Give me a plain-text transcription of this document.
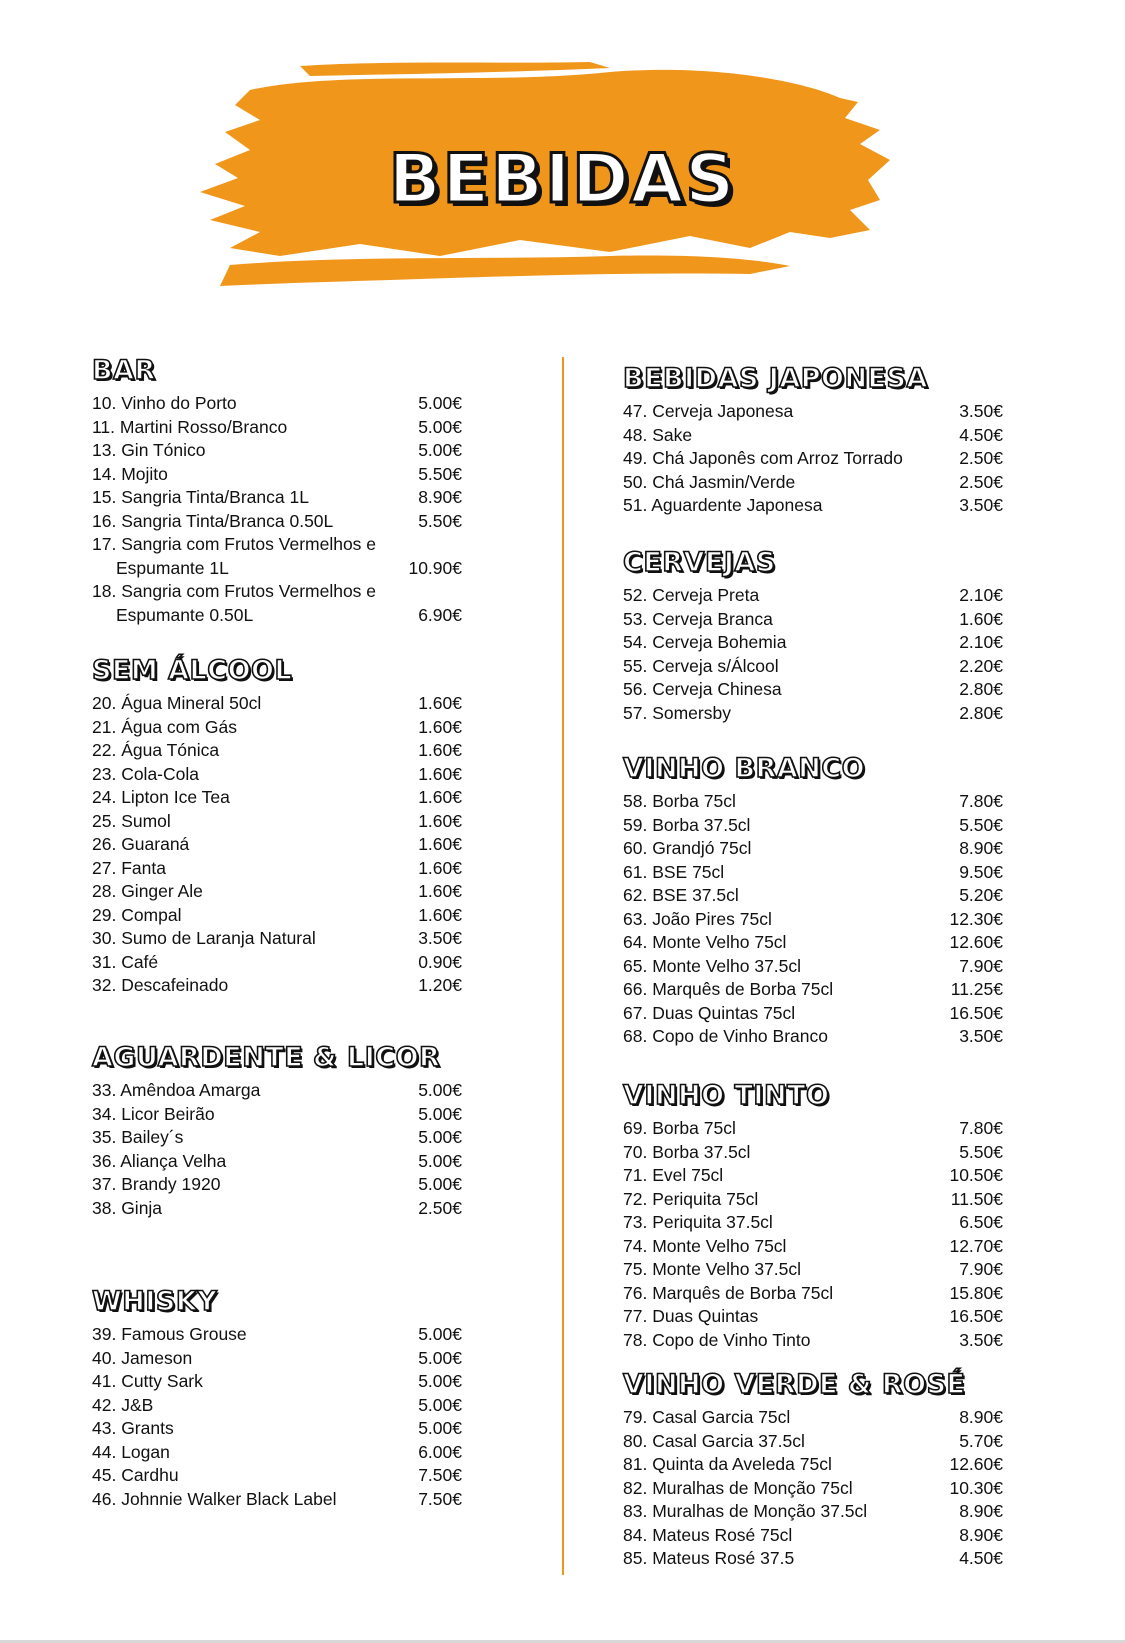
BEBIDAS
BAR
10. Vinho do Porto	5.00€
11. Martini Rosso/Branco	5.00€
13. Gin Tónico	5.00€
14. Mojito	5.50€
15. Sangria Tinta/Branca 1L	8.90€
16. Sangria Tinta/Branca 0.50L	5.50€
17. Sangria com Frutos Vermelhos e Espumante 1L	10.90€
18. Sangria com Frutos Vermelhos e Espumante 0.50L	6.90€
SEM ÁLCOOL
20. Água Mineral 50cl	1.60€
21. Água com Gás	1.60€
22. Água Tónica	1.60€
23. Cola-Cola	1.60€
24. Lipton Ice Tea	1.60€
25. Sumol	1.60€
26. Guaraná	1.60€
27. Fanta	1.60€
28. Ginger Ale	1.60€
29. Compal	1.60€
30. Sumo de Laranja Natural	3.50€
31. Café	0.90€
32. Descafeinado	1.20€
AGUARDENTE & LICOR
33. Amêndoa Amarga	5.00€
34. Licor Beirão	5.00€
35. Bailey´s	5.00€
36. Aliança Velha	5.00€
37. Brandy 1920	5.00€
38. Ginja	2.50€
WHISKY
39. Famous Grouse	5.00€
40. Jameson	5.00€
41. Cutty Sark	5.00€
42. J&B	5.00€
43. Grants	5.00€
44. Logan	6.00€
45. Cardhu	7.50€
46. Johnnie Walker Black Label	7.50€
BEBIDAS JAPONESA
47. Cerveja Japonesa	3.50€
48. Sake	4.50€
49. Chá Japonês com Arroz Torrado	2.50€
50. Chá Jasmin/Verde	2.50€
51. Aguardente Japonesa	3.50€
CERVEJAS
52. Cerveja Preta	2.10€
53. Cerveja Branca	1.60€
54. Cerveja Bohemia	2.10€
55. Cerveja s/Álcool	2.20€
56. Cerveja Chinesa	2.80€
57. Somersby	2.80€
VINHO BRANCO
58. Borba 75cl	7.80€
59. Borba 37.5cl	5.50€
60. Grandjó 75cl	8.90€
61. BSE 75cl	9.50€
62. BSE 37.5cl	5.20€
63. João Pires 75cl	12.30€
64. Monte Velho 75cl	12.60€
65. Monte Velho 37.5cl	7.90€
66. Marquês de Borba 75cl	11.25€
67. Duas Quintas 75cl	16.50€
68. Copo de Vinho Branco	3.50€
VINHO TINTO
69. Borba 75cl	7.80€
70. Borba 37.5cl	5.50€
71. Evel 75cl	10.50€
72. Periquita 75cl	11.50€
73. Periquita 37.5cl	6.50€
74. Monte Velho 75cl	12.70€
75. Monte Velho 37.5cl	7.90€
76. Marquês de Borba 75cl	15.80€
77. Duas Quintas	16.50€
78. Copo de Vinho Tinto	3.50€
VINHO VERDE & ROSÉ
79. Casal Garcia 75cl	8.90€
80. Casal Garcia 37.5cl	5.70€
81. Quinta da Aveleda 75cl	12.60€
82. Muralhas de Monção 75cl	10.30€
83. Muralhas de Monção 37.5cl	8.90€
84. Mateus Rosé 75cl	8.90€
85. Mateus Rosé 37.5	4.50€
